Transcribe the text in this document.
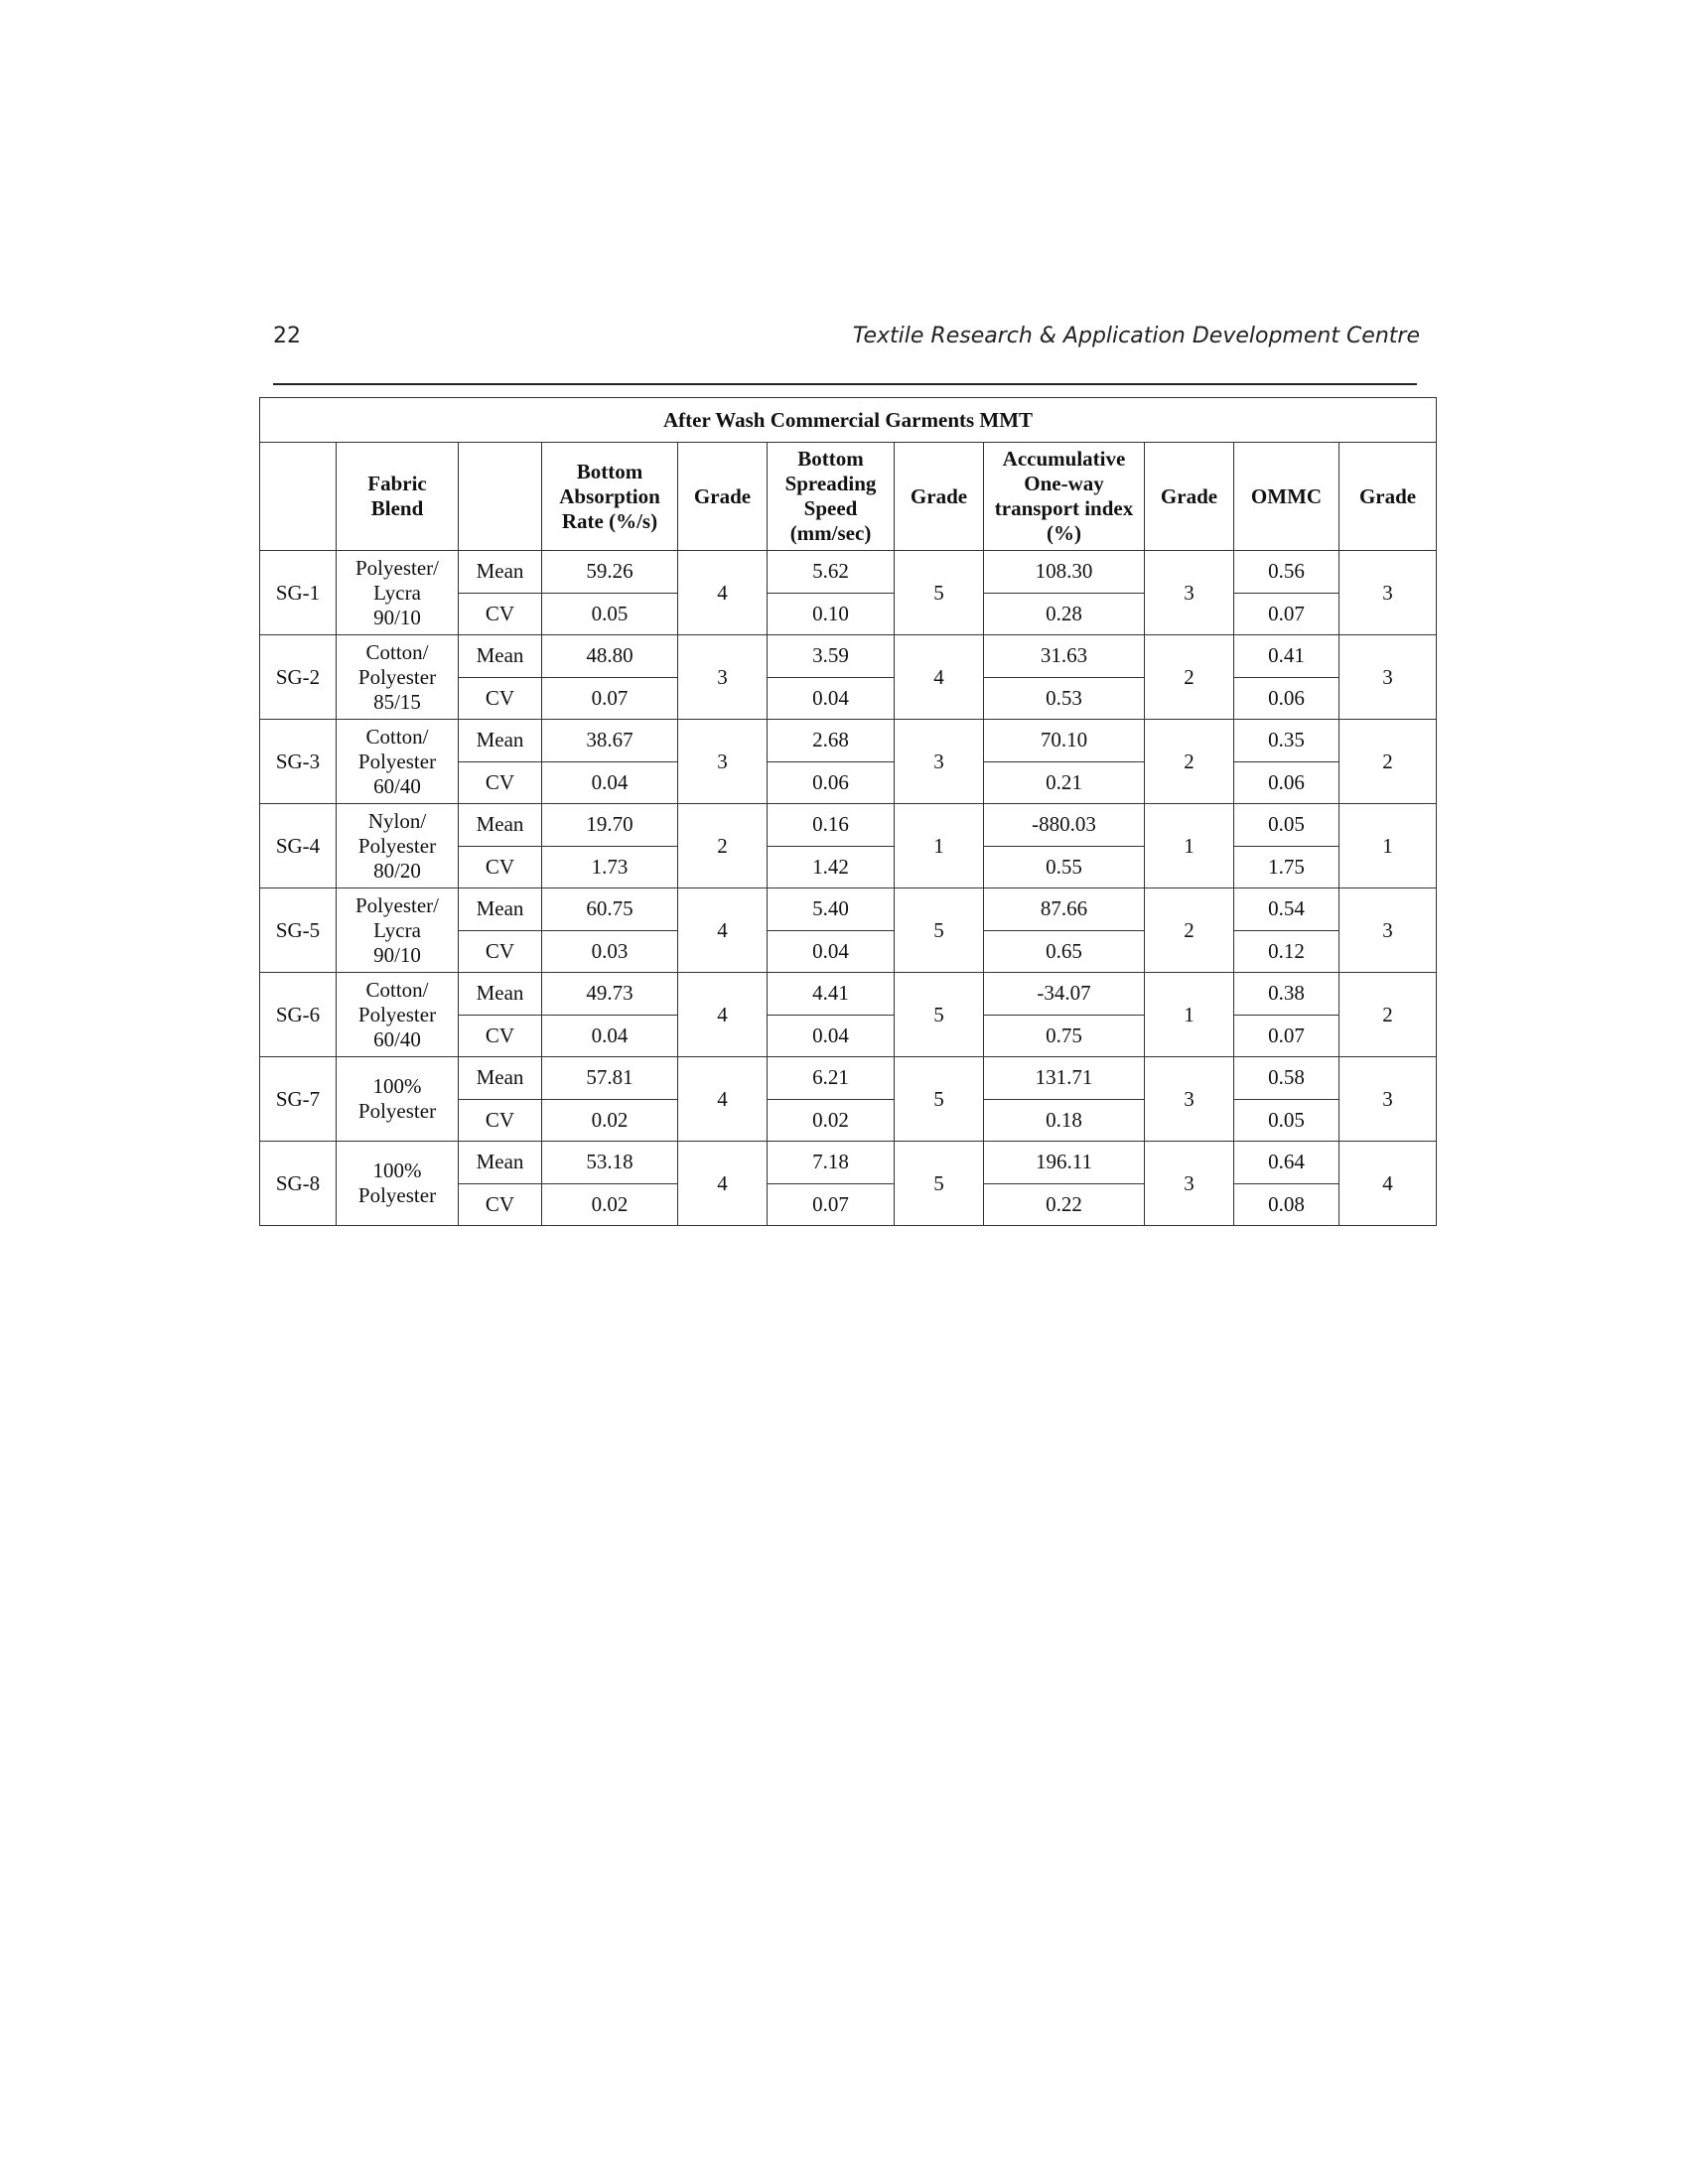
22	Textile Research & Application Development Centre
After Wash Commercial Garments MMT										
	Fabric Blend		Bottom Absorption Rate (%/s)	Grade	Bottom Spreading Speed (mm/sec)	Grade	Accumulative One-way transport index (%)	Grade	OMMC	Grade
SG-1	Polyester/
Lycra
90/10	Mean	59.26	4	5.62	5	108.30	3	0.56	3
		CV	0.05		0.10		0.28		0.07	
SG-2	Cotton/
Polyester
85/15	Mean	48.80	3	3.59	4	31.63	2	0.41	3
		CV	0.07		0.04		0.53		0.06	
SG-3	Cotton/
Polyester
60/40	Mean	38.67	3	2.68	3	70.10	2	0.35	2
		CV	0.04		0.06		0.21		0.06	
SG-4	Nylon/
Polyester
80/20	Mean	19.70	2	0.16	1	-880.03	1	0.05	1
		CV	1.73		1.42		0.55		1.75	
SG-5	Polyester/
Lycra
90/10	Mean	60.75	4	5.40	5	87.66	2	0.54	3
		CV	0.03		0.04		0.65		0.12	
SG-6	Cotton/
Polyester
60/40	Mean	49.73	4	4.41	5	-34.07	1	0.38	2
		CV	0.04		0.04		0.75		0.07	
SG-7	100%
Polyester	Mean	57.81	4	6.21	5	131.71	3	0.58	3
		CV	0.02		0.02		0.18		0.05	
SG-8	100%
Polyester	Mean	53.18	4	7.18	5	196.11	3	0.64	4
		CV	0.02		0.07		0.22		0.08	
